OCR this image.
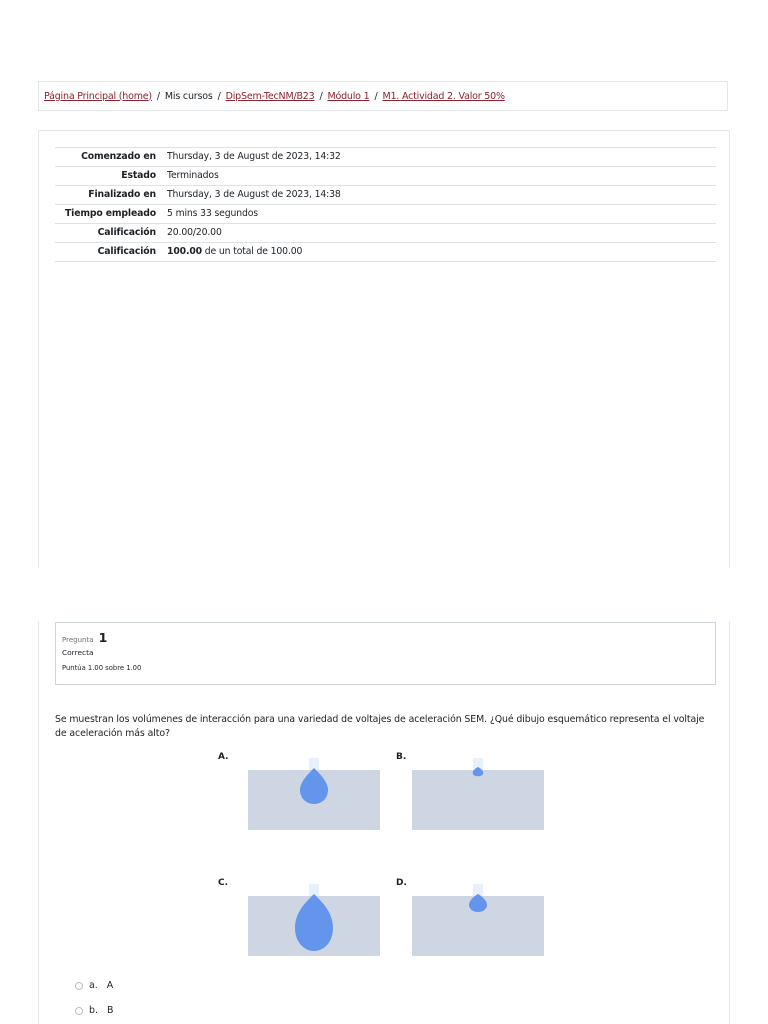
Página Principal (home) / Mis cursos / DipSem-TecNM/B23 / Módulo 1 / M1. Actividad 2. Valor 50%
Comenzado en	Thursday, 3 de August de 2023, 14:32
Estado	Terminados
Finalizado en	Thursday, 3 de August de 2023, 14:38
Tiempo empleado	5 mins 33 segundos
Calificación	20.00/20.00
Calificación	100.00 de un total de 100.00
Pregunta 1
Correcta
Puntúa 1.00 sobre 1.00
Se muestran los volúmenes de interacción para una variedad de voltajes de aceleración SEM. ¿Qué dibujo esquemático representa el voltaje de aceleración más alto?
A.	B.
C.	D.
a. A
b. B
